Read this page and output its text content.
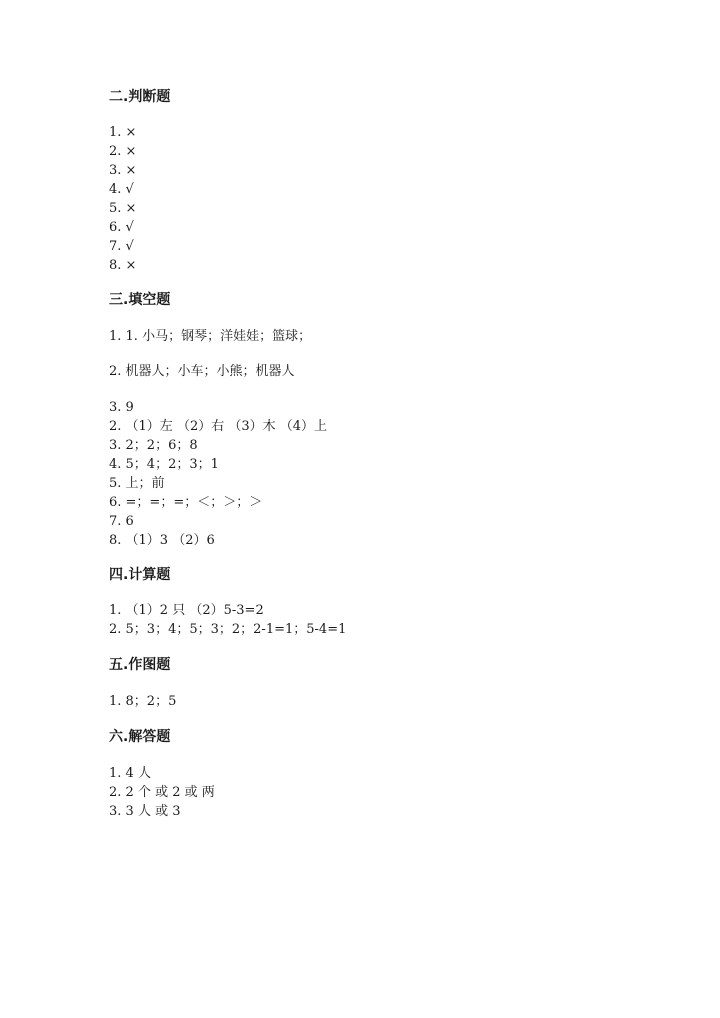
二.判断题
1. ×
2. ×
3. ×
4. √
5. ×
6. √
7. √
8. ×
三.填空题
1. 1. 小马；钢琴；洋娃娃；篮球；
2. 机器人；小车；小熊；机器人
3. 9
2. （1）左 （2）右 （3）木 （4）上
3. 2；2；6；8
4. 5；4；2；3；1
5. 上；前
6. =；=；=；＜；＞；＞
7. 6
8. （1）3 （2）6
四.计算题
1. （1）2 只 （2）5-3=2
2. 5；3；4；5；3；2；2-1=1；5-4=1
五.作图题
1. 8；2；5
六.解答题
1. 4 人
2. 2 个 或 2 或 两
3. 3 人 或 3
